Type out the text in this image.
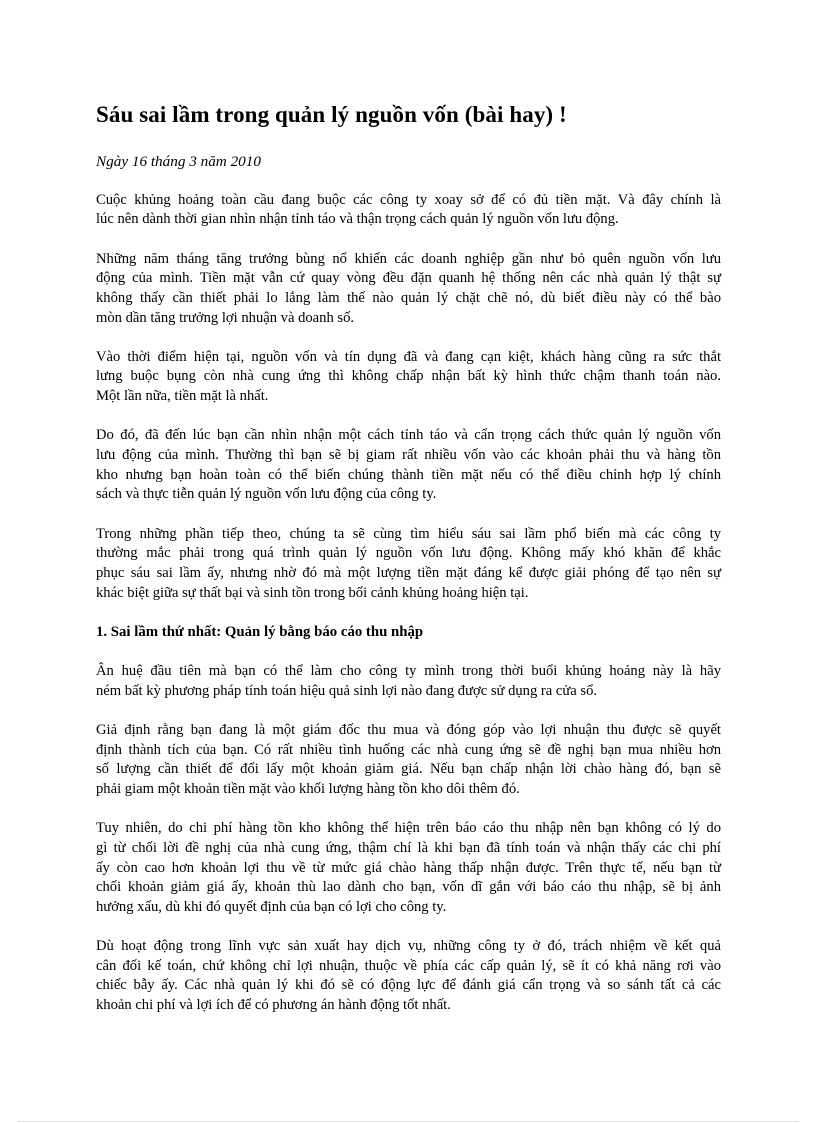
Sáu sai lầm trong quản lý nguồn vốn (bài hay) !
Ngày 16 tháng 3 năm 2010

Cuộc khủng hoảng toàn cầu đang buộc các công ty xoay sở để có đủ tiền mặt. Và đây chính là
lúc nên dành thời gian nhìn nhận tỉnh táo và thận trọng cách quản lý nguồn vốn lưu động.

Những năm tháng tăng trưởng bùng nổ khiến các doanh nghiệp gần như bỏ quên nguồn vốn lưu
động của mình. Tiền mặt vẫn cứ quay vòng đều đặn quanh hệ thống nên các nhà quản lý thật sự
không thấy cần thiết phải lo lắng làm thế nào quản lý chặt chẽ nó, dù biết điều này có thể bào
mòn dần tăng trưởng lợi nhuận và doanh số.

Vào thời điểm hiện tại, nguồn vốn và tín dụng đã và đang cạn kiệt, khách hàng cũng ra sức thắt
lưng buộc bụng còn nhà cung ứng thì không chấp nhận bất kỳ hình thức chậm thanh toán nào.
Một lần nữa, tiền mặt là nhất.

Do đó, đã đến lúc bạn cần nhìn nhận một cách tỉnh táo và cẩn trọng cách thức quản lý nguồn vốn
lưu động của mình. Thường thì bạn sẽ bị giam rất nhiều vốn vào các khoản phải thu và hàng tồn
kho nhưng bạn hoàn toàn có thể biến chúng thành tiền mặt nếu có thể điều chỉnh hợp lý chính
sách và thực tiễn quản lý nguồn vốn lưu động của công ty.

Trong những phần tiếp theo, chúng ta sẽ cùng tìm hiểu sáu sai lầm phổ biến mà các công ty
thường mắc phải trong quá trình quản lý nguồn vốn lưu động. Không mấy khó khăn để khắc
phục sáu sai lầm ấy, nhưng nhờ đó mà một lượng tiền mặt đáng kể được giải phóng để tạo nên sự
khác biệt giữa sự thất bại và sinh tồn trong bối cảnh khủng hoảng hiện tại.

1. Sai lầm thứ nhất: Quản lý bằng báo cáo thu nhập

Ân huệ đầu tiên mà bạn có thể làm cho công ty mình trong thời buổi khủng hoảng này là hãy
ném bất kỳ phương pháp tính toán hiệu quả sinh lợi nào đang được sử dụng ra cửa sổ.

Giả định rằng bạn đang là một giám đốc thu mua và đóng góp vào lợi nhuận thu được sẽ quyết
định thành tích của bạn. Có rất nhiều tình huống các nhà cung ứng sẽ đề nghị bạn mua nhiều hơn
số lượng cần thiết để đổi lấy một khoản giảm giá. Nếu bạn chấp nhận lời chào hàng đó, bạn sẽ
phải giam một khoản tiền mặt vào khối lượng hàng tồn kho dôi thêm đó.

Tuy nhiên, do chi phí hàng tồn kho không thể hiện trên báo cáo thu nhập nên bạn không có lý do
gì từ chối lời đề nghị của nhà cung ứng, thậm chí là khi bạn đã tính toán và nhận thấy các chi phí
ấy còn cao hơn khoản lợi thu về từ mức giá chào hàng thấp nhận được. Trên thực tế, nếu bạn từ
chối khoản giảm giá ấy, khoản thù lao dành cho bạn, vốn dĩ gắn với báo cáo thu nhập, sẽ bị ảnh
hưởng xấu, dù khi đó quyết định của bạn có lợi cho công ty.

Dù hoạt động trong lĩnh vực sản xuất hay dịch vụ, những công ty ở đó, trách nhiệm về kết quả
cân đối kế toán, chứ không chỉ lợi nhuận, thuộc về phía các cấp quản lý, sẽ ít có khả năng rơi vào
chiếc bẫy ấy. Các nhà quản lý khi đó sẽ có động lực để đánh giá cẩn trọng và so sánh tất cả các
khoản chi phí và lợi ích để có phương án hành động tốt nhất.
